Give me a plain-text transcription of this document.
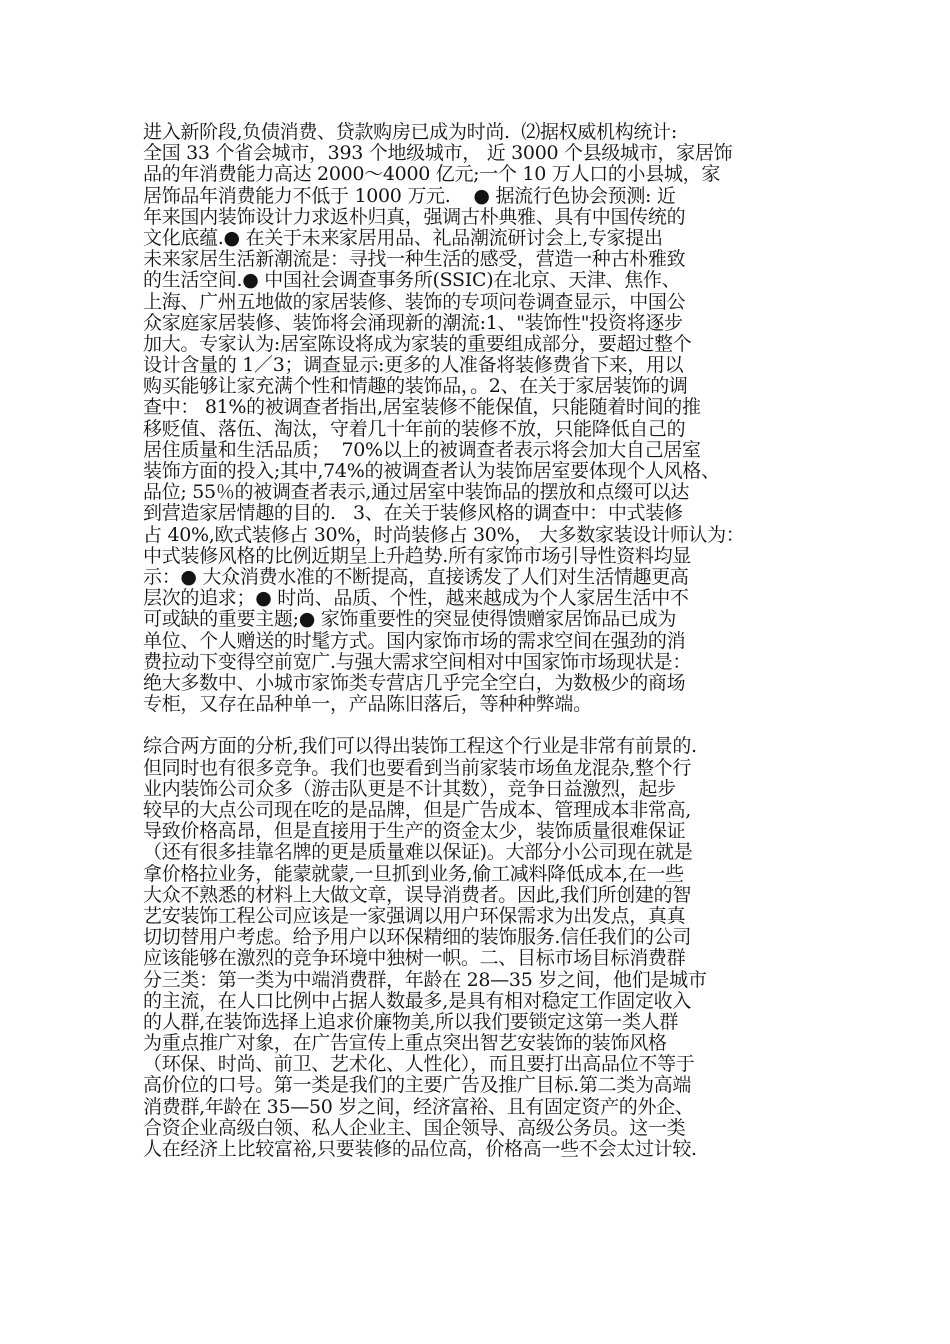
进入新阶段,负债消费、贷款购房已成为时尚.  ⑵据权威机构统计:
全国 33 个省会城市，393 个地级城市， 近 3000 个县级城市，家居饰
品的年消费能力高达 2000～4000 亿元;一个 10 万人口的小县城，家
居饰品年消费能力不低于 1000 万元.    ● 据流行色协会预测: 近
年来国内装饰设计力求返朴归真，强调古朴典雅、具有中国传统的
文化底蕴.● 在关于未来家居用品、礼品潮流研讨会上,专家提出
未来家居生活新潮流是：寻找一种生活的感受，营造一种古朴雅致
的生活空间.● 中国社会调查事务所(SSIC)在北京、天津、焦作、
上海、广州五地做的家居装修、装饰的专项问卷调查显示，中国公
众家庭家居装修、装饰将会涌现新的潮流:1、"装饰性"投资将逐步
加大。专家认为:居室陈设将成为家装的重要组成部分，要超过整个
设计含量的 1／3；调查显示:更多的人准备将装修费省下来，用以
购买能够让家充满个性和情趣的装饰品，。2、在关于家居装饰的调
查中： 81%的被调查者指出,居室装修不能保值，只能随着时间的推
移贬值、落伍、淘汰，守着几十年前的装修不放，只能降低自己的
居住质量和生活品质；  70%以上的被调查者表示将会加大自己居室
装饰方面的投入;其中,74%的被调查者认为装饰居室要体现个人风格、
品位; 55％的被调查者表示,通过居室中装饰品的摆放和点缀可以达
到营造家居情趣的目的.   3、在关于装修风格的调查中：中式装修
占 40%,欧式装修占 30%，时尚装修占 30%， 大多数家装设计师认为：
中式装修风格的比例近期呈上升趋势.所有家饰市场引导性资料均显
示：● 大众消费水准的不断提高，直接诱发了人们对生活情趣更高
层次的追求；● 时尚、品质、个性，越来越成为个人家居生活中不
可或缺的重要主题;● 家饰重要性的突显使得馈赠家居饰品已成为
单位、个人赠送的时髦方式。国内家饰市场的需求空间在强劲的消
费拉动下变得空前宽广.与强大需求空间相对中国家饰市场现状是：
绝大多数中、小城市家饰类专营店几乎完全空白，为数极少的商场
专柜，又存在品种单一，产品陈旧落后，等种种弊端。
综合两方面的分析,我们可以得出装饰工程这个行业是非常有前景的.
但同时也有很多竞争。我们也要看到当前家装市场鱼龙混杂,整个行
业内装饰公司众多（游击队更是不计其数），竞争日益激烈，起步
较早的大点公司现在吃的是品牌，但是广告成本、管理成本非常高,
导致价格高昂，但是直接用于生产的资金太少，装饰质量很难保证
（还有很多挂靠名牌的更是质量难以保证)。大部分小公司现在就是
拿价格拉业务，能蒙就蒙,一旦抓到业务,偷工减料降低成本,在一些
大众不熟悉的材料上大做文章，误导消费者。因此,我们所创建的智
艺安装饰工程公司应该是一家强调以用户环保需求为出发点，真真
切切替用户考虑。给予用户以环保精细的装饰服务.信任我们的公司
应该能够在激烈的竞争环境中独树一帜。二、目标市场目标消费群
分三类：第一类为中端消费群，年龄在 28—35 岁之间，他们是城市
的主流，在人口比例中占据人数最多,是具有相对稳定工作固定收入
的人群,在装饰选择上追求价廉物美,所以我们要锁定这第一类人群
为重点推广对象，在广告宣传上重点突出智艺安装饰的装饰风格
（环保、时尚、前卫、艺术化、人性化），而且要打出高品位不等于
高价位的口号。第一类是我们的主要广告及推广目标.第二类为高端
消费群,年龄在 35—50 岁之间，经济富裕、且有固定资产的外企、
合资企业高级白领、私人企业主、国企领导、高级公务员。这一类
人在经济上比较富裕,只要装修的品位高，价格高一些不会太过计较.
